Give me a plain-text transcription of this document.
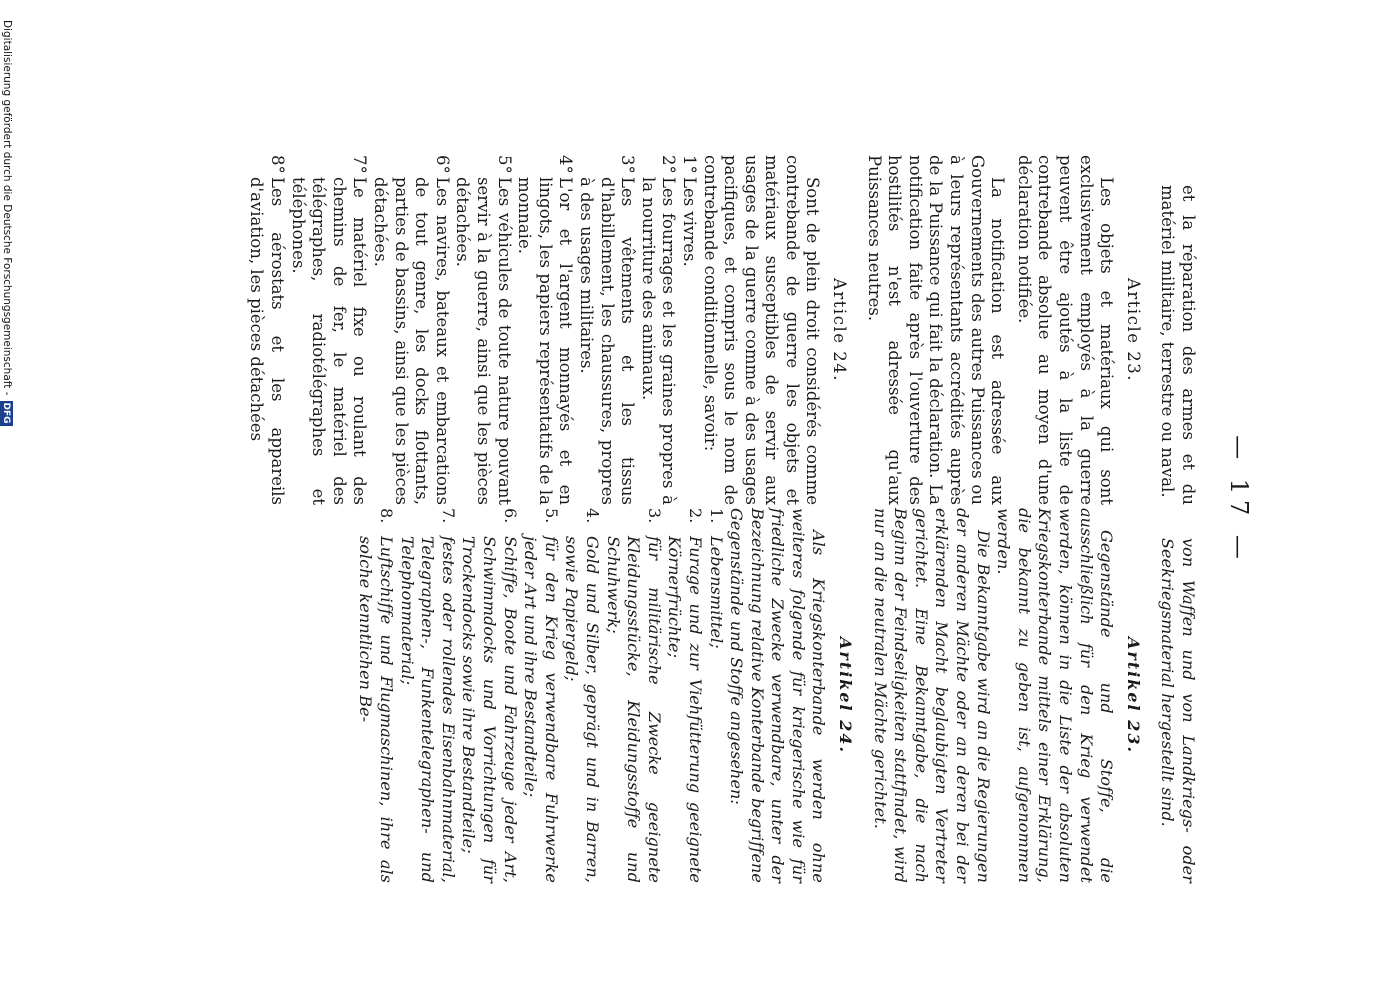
— 17 —

et la réparation des armes et du matériel militaire, terrestre ou naval.

Article 23.

Les objets et matériaux qui sont exclusivement employés à la guerre peuvent être ajoutés à la liste de contrebande absolue au moyen d'une déclaration notifiée.

La notification est adressée aux Gouvernements des autres Puissances ou à leurs représentants accrédités auprès de la Puissance qui fait la déclaration. La notification faite après l'ouverture des hostilités n'est adressée qu'aux Puissances neutres.

Article 24.

Sont de plein droit considérés comme contrebande de guerre les objets et matériaux susceptibles de servir aux usages de la guerre comme à des usages pacifiques, et compris sous le nom de contrebande conditionnelle, savoir:

1°
Les vivres.
2°
Les fourrages et les graines propres à la nourriture des animaux.
3°
Les vêtements et les tissus d'habillement, les chaussures, propres à des usages militaires.
4°
L'or et l'argent monnayés et en lingots, les papiers représentatifs de la monnaie.
5°
Les véhicules de toute nature pouvant servir à la guerre, ainsi que les pièces détachées.
6°
Les navires, bateaux et embarcations de tout genre, les docks flottants, parties de bassins, ainsi que les pièces détachées.
7°
Le matériel fixe ou roulant des chemins de fer, le matériel des télégraphes, radiotélégraphes et téléphones.
8°
Les aérostats et les appareils d'aviation, les pièces détachées

von Waffen und von Landkriegs- oder Seekriegsmaterial hergestellt sind.

Artikel 23.

Gegenstände und Stoffe, die ausschließlich für den Krieg verwendet werden, können in die Liste der absoluten Kriegskonterbande mittels einer Erklärung, die bekannt zu geben ist, aufgenommen werden.

Die Bekanntgabe wird an die Regierungen der anderen Mächte oder an deren bei der erklärenden Macht beglaubigten Vertreter gerichtet. Eine Bekanntgabe, die nach Beginn der Feindseligkeiten stattfindet, wird nur an die neutralen Mächte gerichtet.

Artikel 24.

Als Kriegskonterbande werden ohne weiteres folgende für kriegerische wie für friedliche Zwecke verwendbare, unter der Bezeichnung relative Konterbande begriffene Gegenstände und Stoffe angesehen:

1.
Lebensmittel;
2.
Furage und zur Viehfütterung geeignete Körnerfrüchte;
3.
für militärische Zwecke geeignete Kleidungsstücke, Kleidungsstoffe und Schuhwerk;
4.
Gold und Silber, geprägt und in Barren, sowie Papiergeld;
5.
für den Krieg verwendbare Fuhrwerke jeder Art und ihre Bestandteile;
6.
Schiffe, Boote und Fahrzeuge jeder Art, Schwimmdocks und Vorrichtungen für Trockendocks sowie ihre Bestandteile;
7.
festes oder rollendes Eisenbahnmaterial, Telegraphen-, Funkentelegraphen- und Telephonmaterial;
8.
Luftschiffe und Flugmaschinen, ihre als solche kenntlichen Be-
Digitalisierung gefördert durch die Deutsche Forschungsgemeinschaft -DFG
